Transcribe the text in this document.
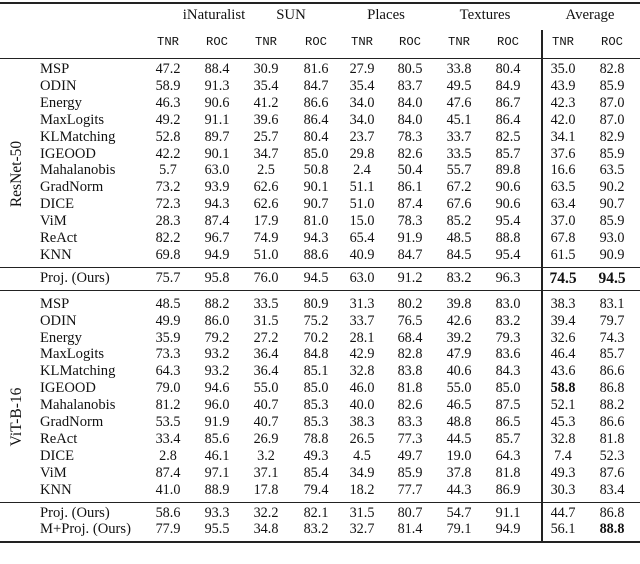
iNaturalist	SUN	Places	Textures	Average
TNR	ROC	TNR	ROC	TNR	ROC	TNR	ROC	TNR	ROC
MSP	47.2	88.4	30.9	81.6	27.9	80.5	33.8	80.4	35.0	82.8
ODIN	58.9	91.3	35.4	84.7	35.4	83.7	49.5	84.9	43.9	85.9
Energy	46.3	90.6	41.2	86.6	34.0	84.0	47.6	86.7	42.3	87.0
MaxLogits	49.2	91.1	39.6	86.4	34.0	84.0	45.1	86.4	42.0	87.0
KLMatching	52.8	89.7	25.7	80.4	23.7	78.3	33.7	82.5	34.1	82.9
IGEOOD	42.2	90.1	34.7	85.0	29.8	82.6	33.5	85.7	37.6	85.9
Mahalanobis	5.7	63.0	2.5	50.8	2.4	50.4	55.7	89.8	16.6	63.5
GradNorm	73.2	93.9	62.6	90.1	51.1	86.1	67.2	90.6	63.5	90.2
DICE	72.3	94.3	62.6	90.7	51.0	87.4	67.6	90.6	63.4	90.7
ViM	28.3	87.4	17.9	81.0	15.0	78.3	85.2	95.4	37.0	85.9
ReAct	82.2	96.7	74.9	94.3	65.4	91.9	48.5	88.8	67.8	93.0
KNN	69.8	94.9	51.0	88.6	40.9	84.7	84.5	95.4	61.5	90.9
Proj. (Ours)	75.7	95.8	76.0	94.5	63.0	91.2	83.2	96.3	74.5	94.5
MSP	48.5	88.2	33.5	80.9	31.3	80.2	39.8	83.0	38.3	83.1
ODIN	49.9	86.0	31.5	75.2	33.7	76.5	42.6	83.2	39.4	79.7
Energy	35.9	79.2	27.2	70.2	28.1	68.4	39.2	79.3	32.6	74.3
MaxLogits	73.3	93.2	36.4	84.8	42.9	82.8	47.9	83.6	46.4	85.7
KLMatching	64.3	93.2	36.4	85.1	32.8	83.8	40.6	84.3	43.6	86.6
IGEOOD	79.0	94.6	55.0	85.0	46.0	81.8	55.0	85.0	58.8	86.8
Mahalanobis	81.2	96.0	40.7	85.3	40.0	82.6	46.5	87.5	52.1	88.2
GradNorm	53.5	91.9	40.7	85.3	38.3	83.3	48.8	86.5	45.3	86.6
ReAct	33.4	85.6	26.9	78.8	26.5	77.3	44.5	85.7	32.8	81.8
DICE	2.8	46.1	3.2	49.3	4.5	49.7	19.0	64.3	7.4	52.3
ViM	87.4	97.1	37.1	85.4	34.9	85.9	37.8	81.8	49.3	87.6
KNN	41.0	88.9	17.8	79.4	18.2	77.7	44.3	86.9	30.3	83.4
Proj. (Ours)	58.6	93.3	32.2	82.1	31.5	80.7	54.7	91.1	44.7	86.8
M+Proj. (Ours)	77.9	95.5	34.8	83.2	32.7	81.4	79.1	94.9	56.1	88.8
ResNet-50
ViT-B-16
